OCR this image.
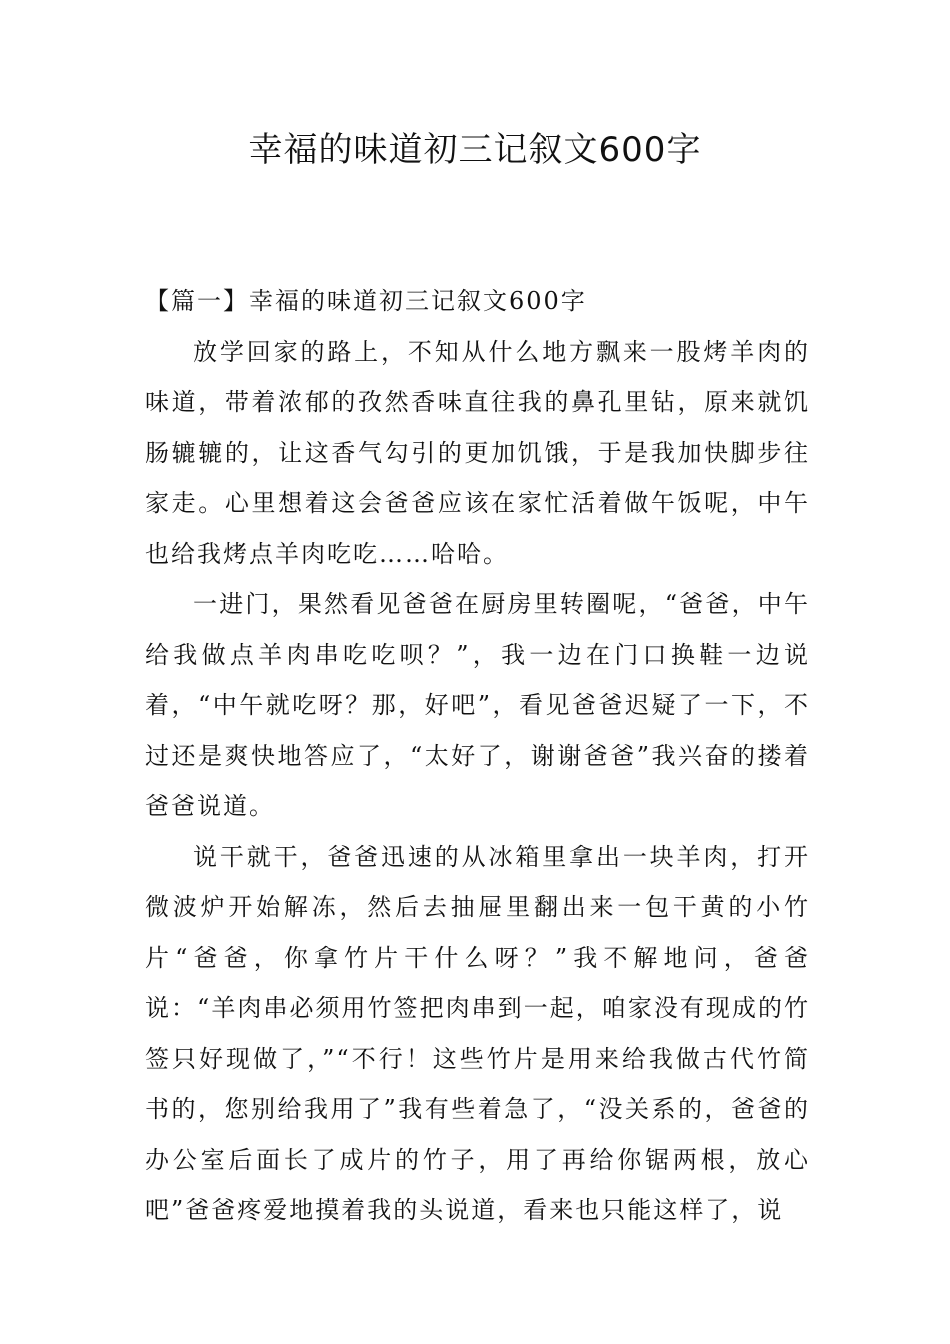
幸福的味道初三记叙文600字

【篇一】幸福的味道初三记叙文600字

放学回家的路上，不知从什么地方飘来一股烤羊肉的味道，带着浓郁的孜然香味直往我的鼻孔里钻，原来就饥肠辘辘的，让这香气勾引的更加饥饿，于是我加快脚步往家走。心里想着这会爸爸应该在家忙活着做午饭呢，中午也给我烤点羊肉吃吃……哈哈。

一进门，果然看见爸爸在厨房里转圈呢，“爸爸，中午给我做点羊肉串吃吃呗？”，我一边在门口换鞋一边说着，“中午就吃呀？那，好吧”，看见爸爸迟疑了一下，不过还是爽快地答应了，“太好了，谢谢爸爸”我兴奋的搂着爸爸说道。

说干就干，爸爸迅速的从冰箱里拿出一块羊肉，打开微波炉开始解冻，然后去抽屉里翻出来一包干黄的小竹片“爸爸，你拿竹片干什么呀？”我不解地问，爸爸说：“羊肉串必须用竹签把肉串到一起，咱家没有现成的竹签只好现做了，”“不行！这些竹片是用来给我做古代竹简书的，您别给我用了”我有些着急了，“没关系的，爸爸的办公室后面长了成片的竹子，用了再给你锯两根，放心吧”爸爸疼爱地摸着我的头说道，看来也只能这样了，说
